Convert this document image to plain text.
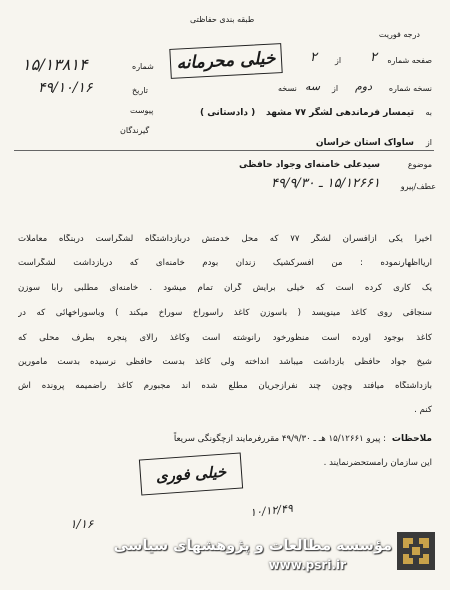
طبقه بندی حفاظتی
درجه فوریت
صفحه شماره
۲
از
۲
نسخه شماره
دوم
از
سه
نسخه
خیلی محرمانه
شماره
۱۵/۱۳۸۱۴
تاریخ
۴۹/۱۰/۱۶
پیوست
گیرندگان
به
تیمسار فرماندهی لشگر ۷۷ مشهد
( دادستانی )
از
ساواک استان خراسان
موضوع
سیدعلی خامنه‌ای وجواد حافظی
عطف/پیرو
۱۵/۱۲۶۶۱ ـ ۴۹/۹/۳۰
اخیراً یکی ازافسران لشگر ۷۷ که محل خدمتش دربازداشتگاه لشگراست دربنگاه معاملات
آریااظهارنموده : من افسرکشیک زندان بودم خامنه‌ای که دربازداشت لشگراست
یک کاری کرده است که خیلی برایش گران تمام میشود . خامنه‌ای مطلبی رابا سوزن
سنجاقی روی کاغذ مینویسد ( باسوزن کاغذ راسوراخ سوراخ میکند ) وباسوراخهائی که در
کاغذ بوجود آورده است منظورخود رانوشته است وکاغذ رالای پنجره بطرف محلی که
شیخ جواد حافظی بازداشت میباشد انداخته ولی کاغذ بدست حافظی نرسیده بدست مأمورین
بازداشتگاه میافتد وچون چند نفرازجریان مطلع شده اند مجبورم کاغذ راضمیمه پرونده اش
کنم .
ملاحظات
: پیرو ۱۵/۱۲۶۶۱ هـ ـ ۴۹/۹/۳۰ مقررفرمایند ازچگونگی سریعاً
این سازمان رامستحضرنمایند .
خیلی فوری
۱۰/۱۲/۴۹
۱/۱۶
مؤسسه مطالعات و پژوهشهای سیاسی
www.psri.ir
